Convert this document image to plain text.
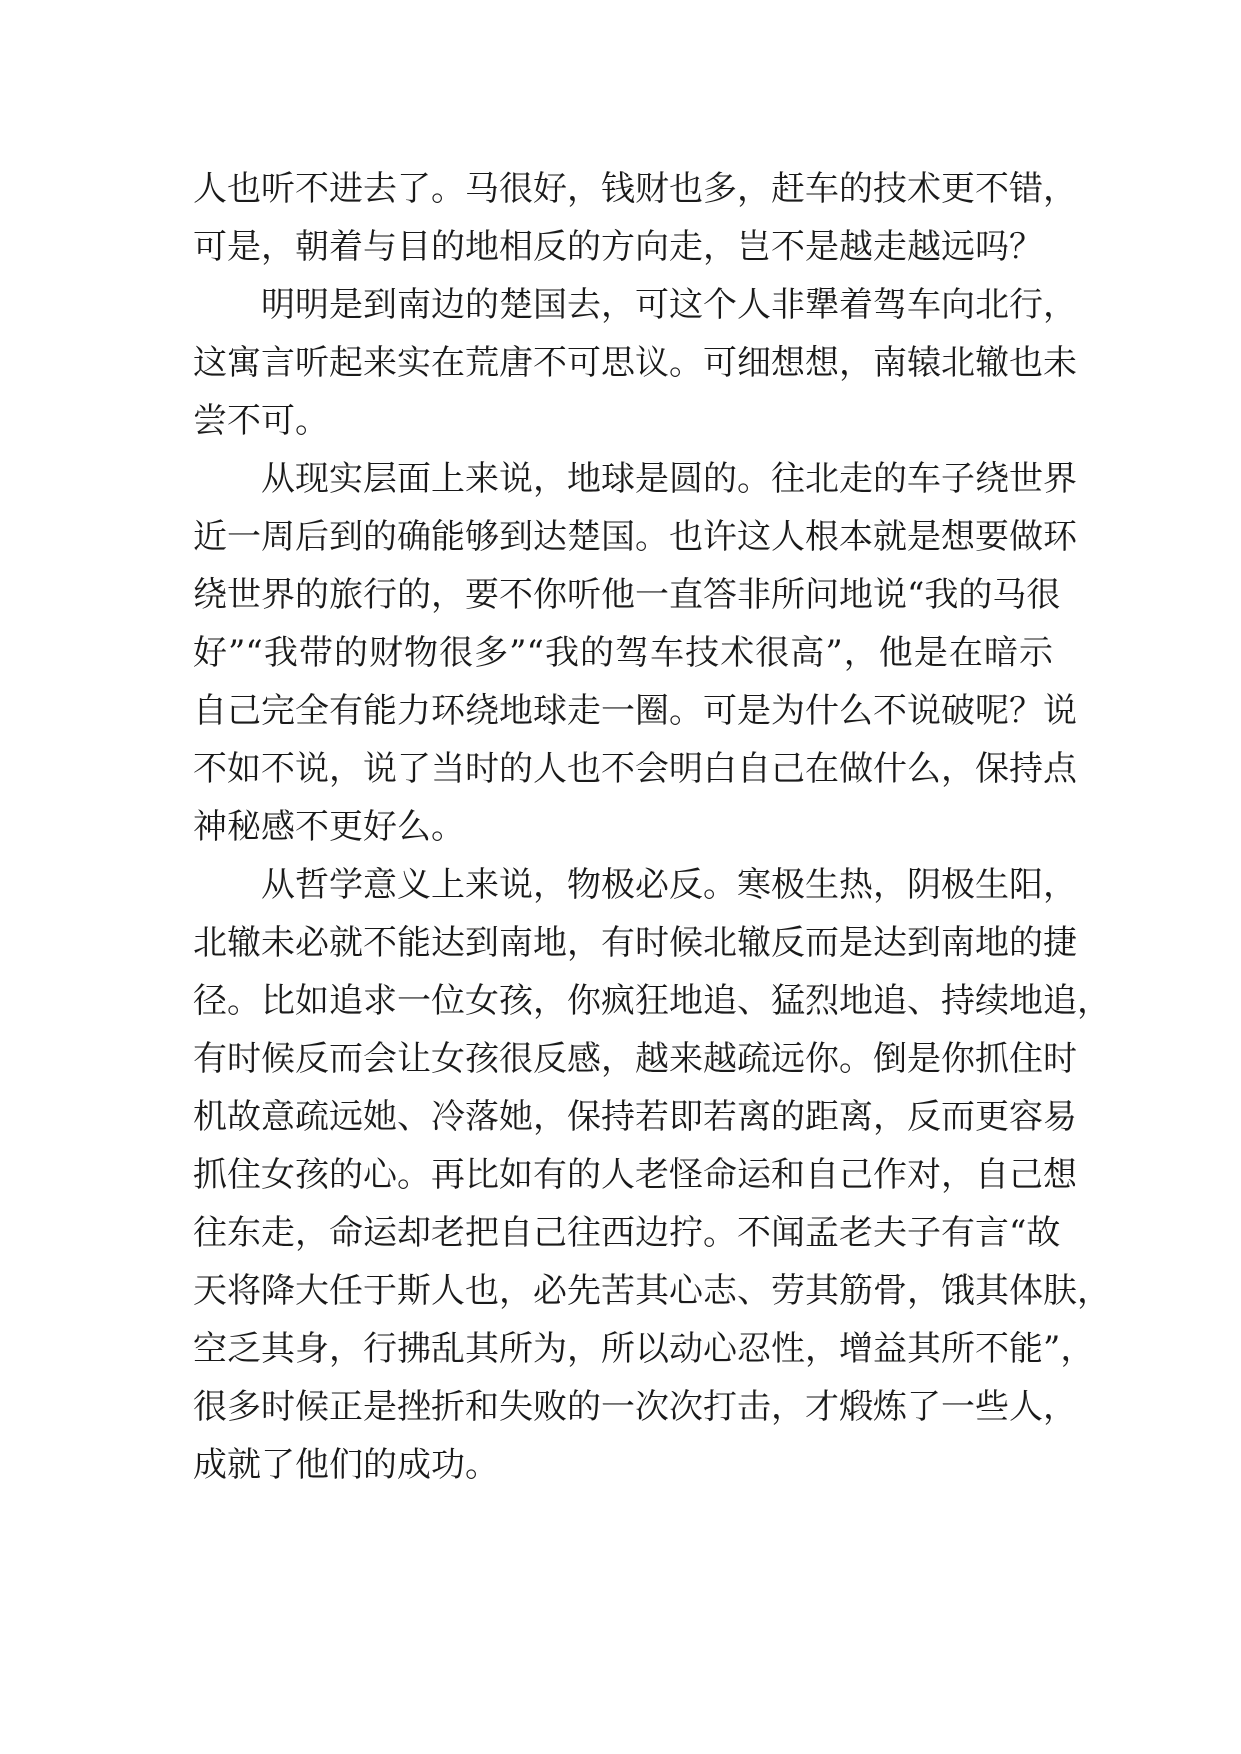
人也听不进去了。马很好，钱财也多，赶车的技术更不错，
可是，朝着与目的地相反的方向走，岂不是越走越远吗？
明明是到南边的楚国去，可这个人非犟着驾车向北行，
这寓言听起来实在荒唐不可思议。可细想想，南辕北辙也未
尝不可。
从现实层面上来说，地球是圆的。往北走的车子绕世界
近一周后到的确能够到达楚国。也许这人根本就是想要做环
绕世界的旅行的，要不你听他一直答非所问地说“我的马很
好”“我带的财物很多”“我的驾车技术很高”，他是在暗示
自己完全有能力环绕地球走一圈。可是为什么不说破呢？说
不如不说，说了当时的人也不会明白自己在做什么，保持点
神秘感不更好么。
从哲学意义上来说，物极必反。寒极生热，阴极生阳，
北辙未必就不能达到南地，有时候北辙反而是达到南地的捷
径。比如追求一位女孩，你疯狂地追、猛烈地追、持续地追，
有时候反而会让女孩很反感，越来越疏远你。倒是你抓住时
机故意疏远她、冷落她，保持若即若离的距离，反而更容易
抓住女孩的心。再比如有的人老怪命运和自己作对，自己想
往东走，命运却老把自己往西边拧。不闻孟老夫子有言“故
天将降大任于斯人也，必先苦其心志、劳其筋骨，饿其体肤，
空乏其身，行拂乱其所为，所以动心忍性，增益其所不能”，
很多时候正是挫折和失败的一次次打击，才煅炼了一些人，
成就了他们的成功。
